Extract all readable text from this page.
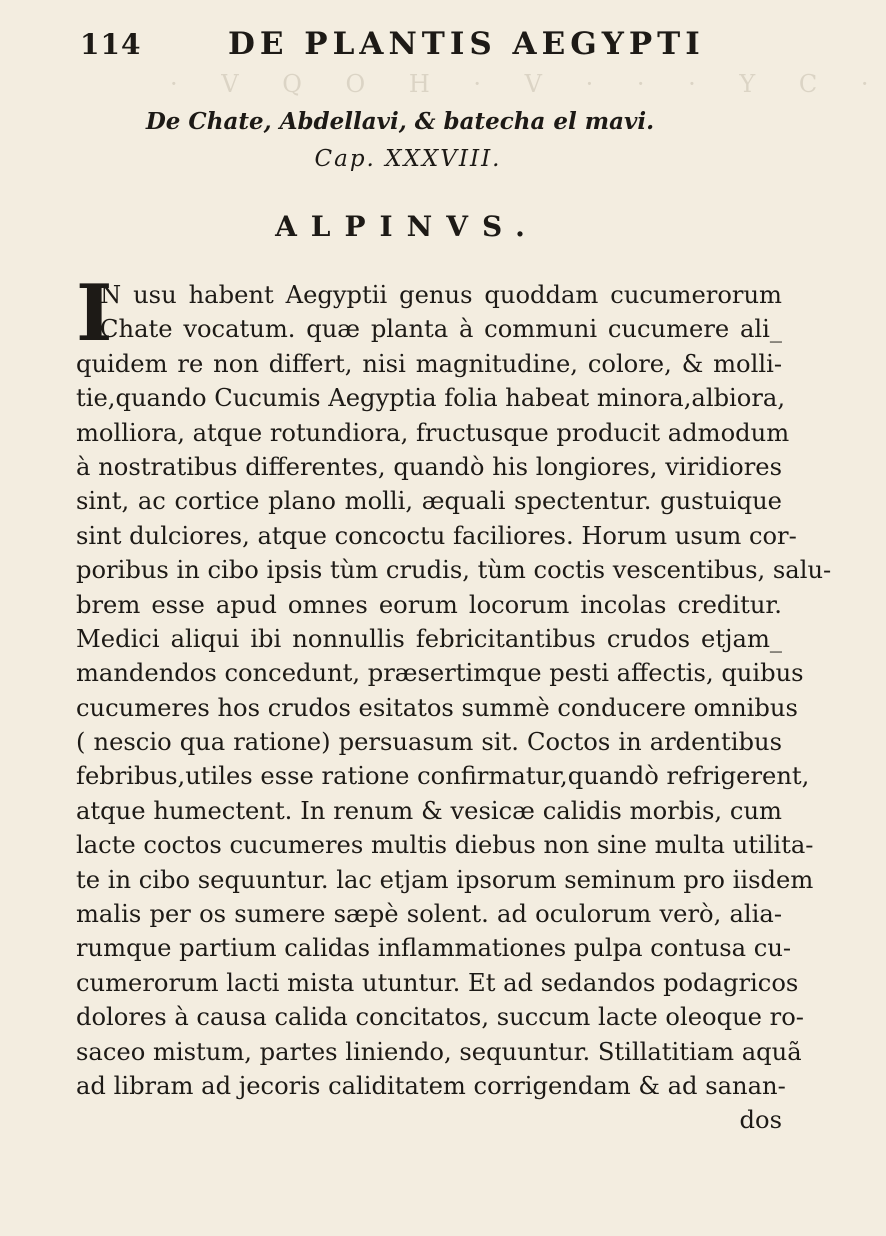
114	DE PLANTIS AEGYPTI
· V Q O H · V · · · Y C ·
De Chate, Abdellavi, & batecha el mavi.
Cap. XXXVIII.
ALPINVS.
I
N usu habent Aegyptii genus quoddam cucumerorum
Chate vocatum. quæ planta à communi cucumere ali_
quidem re non differt, nisi magnitudine, colore, & molli-
tie,quando Cucumis Aegyptia folia habeat minora,albiora,
molliora, atque rotundiora, fructusque producit admodum
à nostratibus differentes, quandò his longiores, viridiores
sint, ac cortice plano molli, æquali spectentur. gustuique
sint dulciores, atque concoctu faciliores. Horum usum cor-
poribus in cibo ipsis tùm crudis, tùm coctis vescentibus, salu-
brem esse apud omnes eorum locorum incolas creditur.
Medici aliqui ibi nonnullis febricitantibus crudos etjam_
mandendos concedunt, præsertimque pesti affectis, quibus
cucumeres hos crudos esitatos summè conducere omnibus
( nescio qua ratione) persuasum sit. Coctos in ardentibus
febribus,utiles esse ratione confirmatur,quandò refrigerent,
atque humectent. In renum & vesicæ calidis morbis, cum
lacte coctos cucumeres multis diebus non sine multa utilita-
te in cibo sequuntur. lac etjam ipsorum seminum pro iisdem
malis per os sumere sæpè solent. ad oculorum verò, alia-
rumque partium calidas inflammationes pulpa contusa cu-
cumerorum lacti mista utuntur. Et ad sedandos podagricos
dolores à causa calida concitatos, succum lacte oleoque ro-
saceo mistum, partes liniendo, sequuntur. Stillatitiam aquã
ad libram ad jecoris caliditatem corrigendam & ad sanan-
dos
